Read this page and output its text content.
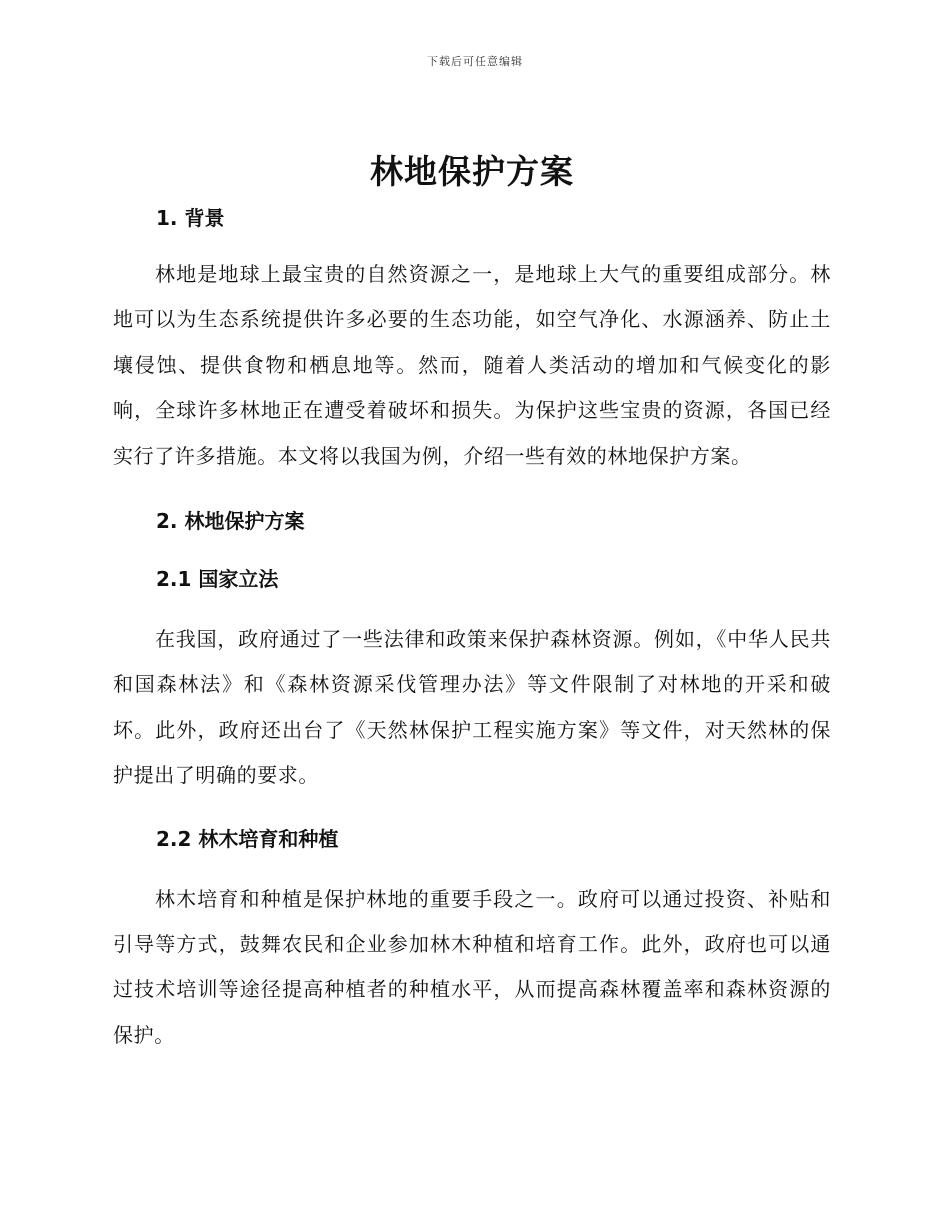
下载后可任意编辑
林地保护方案
1. 背景

林地是地球上最宝贵的自然资源之一，是地球上大气的重要组成部分。林地可以为生态系统提供许多必要的生态功能，如空气净化、水源涵养、防止土壤侵蚀、提供食物和栖息地等。然而，随着人类活动的增加和气候变化的影响，全球许多林地正在遭受着破坏和损失。为保护这些宝贵的资源，各国已经实行了许多措施。本文将以我国为例，介绍一些有效的林地保护方案。

2. 林地保护方案
2.1 国家立法

在我国，政府通过了一些法律和政策来保护森林资源。例如，《中华人民共和国森林法》和《森林资源采伐管理办法》等文件限制了对林地的开采和破坏。此外，政府还出台了《天然林保护工程实施方案》等文件，对天然林的保护提出了明确的要求。

2.2 林木培育和种植

林木培育和种植是保护林地的重要手段之一。政府可以通过投资、补贴和引导等方式，鼓舞农民和企业参加林木种植和培育工作。此外，政府也可以通过技术培训等途径提高种植者的种植水平，从而提高森林覆盖率和森林资源的保护。
